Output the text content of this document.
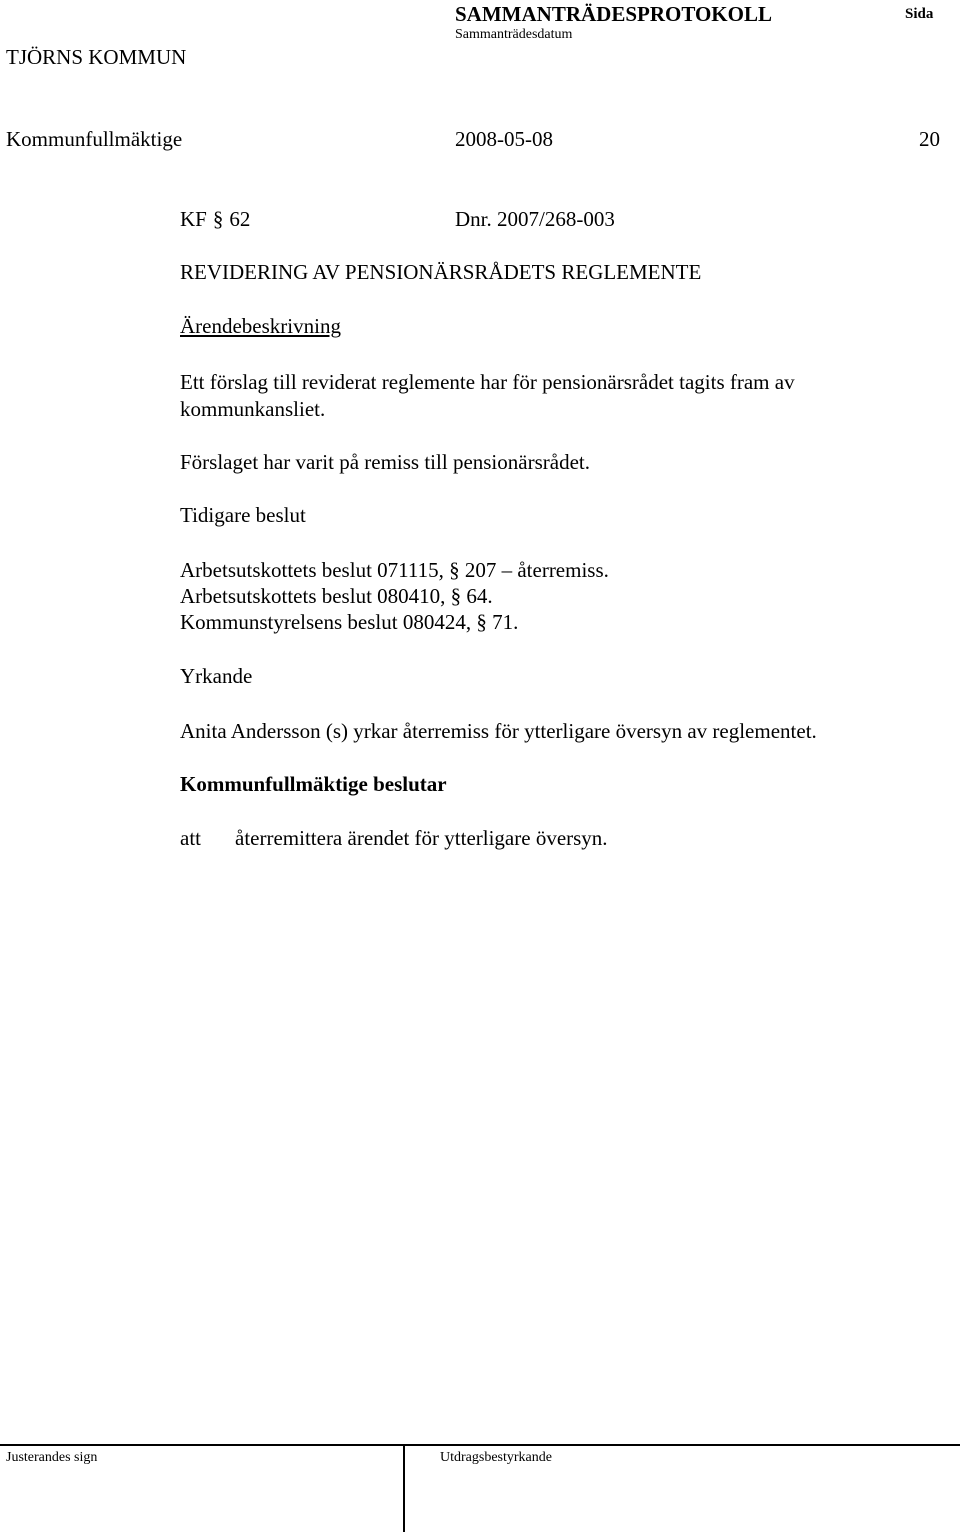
SAMMANTRÄDESPROTOKOLL	Sida
Sammanträdesdatum
TJÖRNS KOMMUN
Kommunfullmäktige	2008-05-08	20
KF § 62	Dnr. 2007/268-003
REVIDERING AV PENSIONÄRSRÅDETS REGLEMENTE
Ärendebeskrivning
Ett förslag till reviderat reglemente har för pensionärsrådet tagits fram av kommunkansliet.
Förslaget har varit på remiss till pensionärsrådet.
Tidigare beslut
Arbetsutskottets beslut 071115, § 207 – återremiss.
Arbetsutskottets beslut 080410, § 64.
Kommunstyrelsens beslut 080424, § 71.
Yrkande
Anita Andersson (s) yrkar återremiss för ytterligare översyn av reglementet.
Kommunfullmäktige beslutar
att återremittera ärendet för ytterligare översyn.
Justerandes sign	Utdragsbestyrkande
